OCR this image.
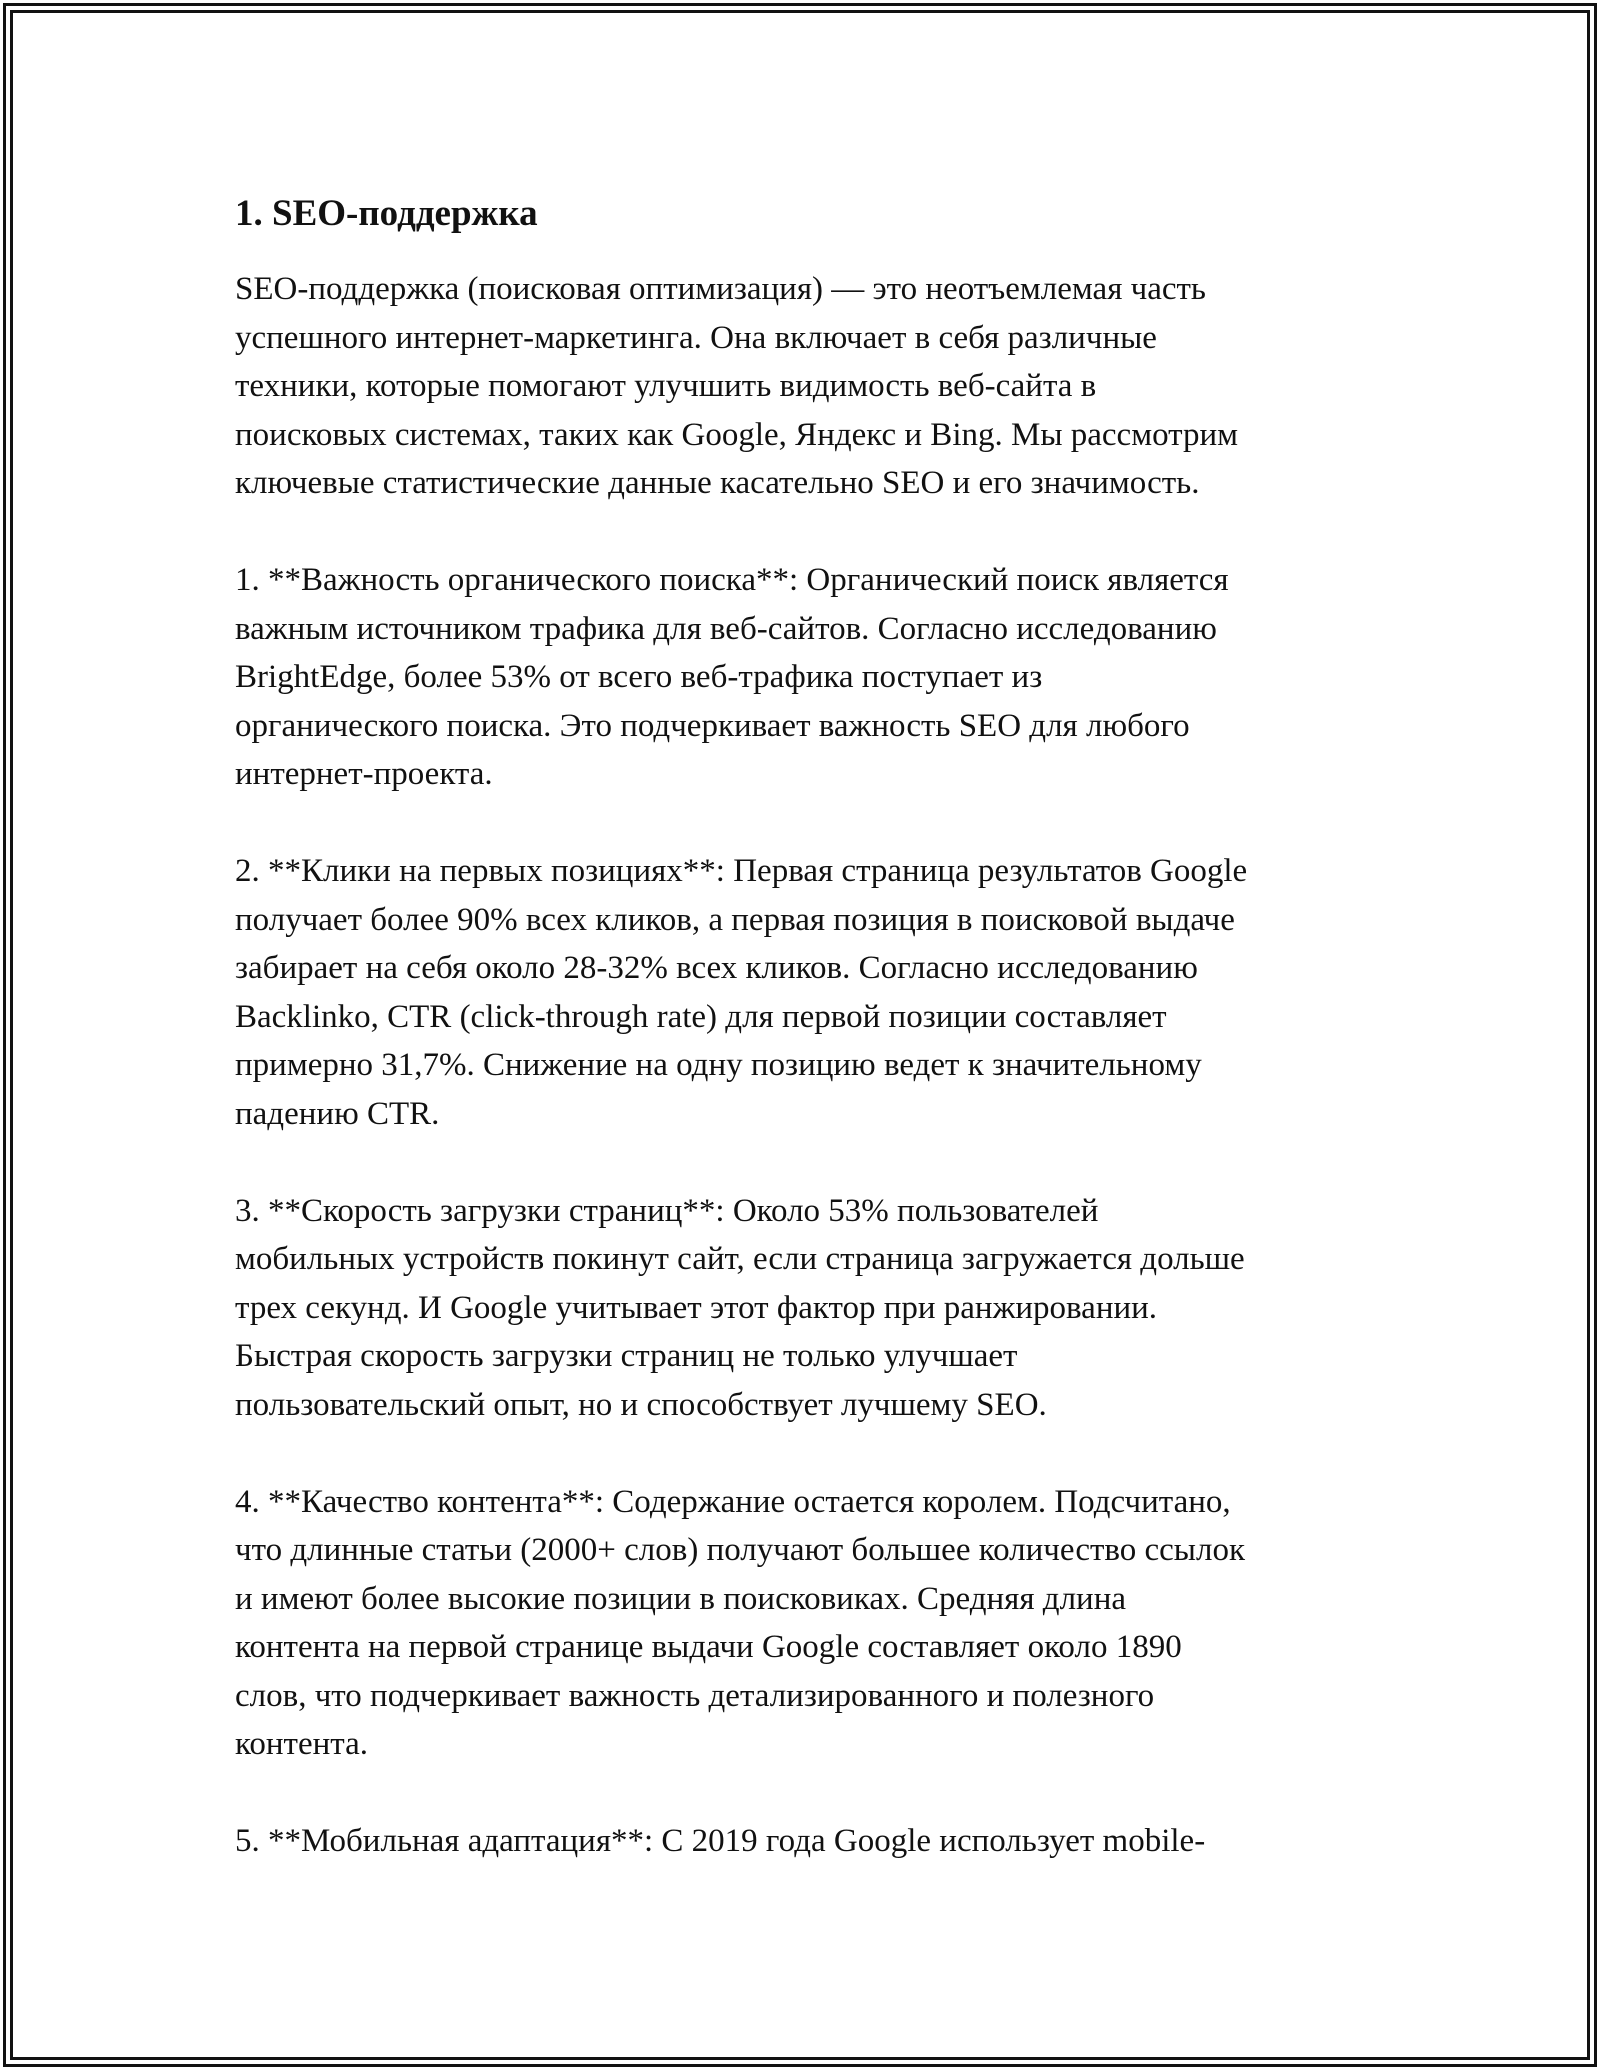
1. SEO-поддержка
SEO-поддержка (поисковая оптимизация) — это неотъемлемая часть
успешного интернет-маркетинга. Она включает в себя различные
техники, которые помогают улучшить видимость веб-сайта в
поисковых системах, таких как Google, Яндекс и Bing. Мы рассмотрим
ключевые статистические данные касательно SEO и его значимость.
1. **Важность органического поиска**: Органический поиск является
важным источником трафика для веб-сайтов. Согласно исследованию
BrightEdge, более 53% от всего веб-трафика поступает из
органического поиска. Это подчеркивает важность SEO для любого
интернет-проекта.
2. **Клики на первых позициях**: Первая страница результатов Google
получает более 90% всех кликов, а первая позиция в поисковой выдаче
забирает на себя около 28-32% всех кликов. Согласно исследованию
Backlinko, CTR (click-through rate) для первой позиции составляет
примерно 31,7%. Снижение на одну позицию ведет к значительному
падению CTR.
3. **Скорость загрузки страниц**: Около 53% пользователей
мобильных устройств покинут сайт, если страница загружается дольше
трех секунд. И Google учитывает этот фактор при ранжировании.
Быстрая скорость загрузки страниц не только улучшает
пользовательский опыт, но и способствует лучшему SEO.
4. **Качество контента**: Содержание остается королем. Подсчитано,
что длинные статьи (2000+ слов) получают большее количество ссылок
и имеют более высокие позиции в поисковиках. Средняя длина
контента на первой странице выдачи Google составляет около 1890
слов, что подчеркивает важность детализированного и полезного
контента.
5. **Мобильная адаптация**: С 2019 года Google использует mobile-
